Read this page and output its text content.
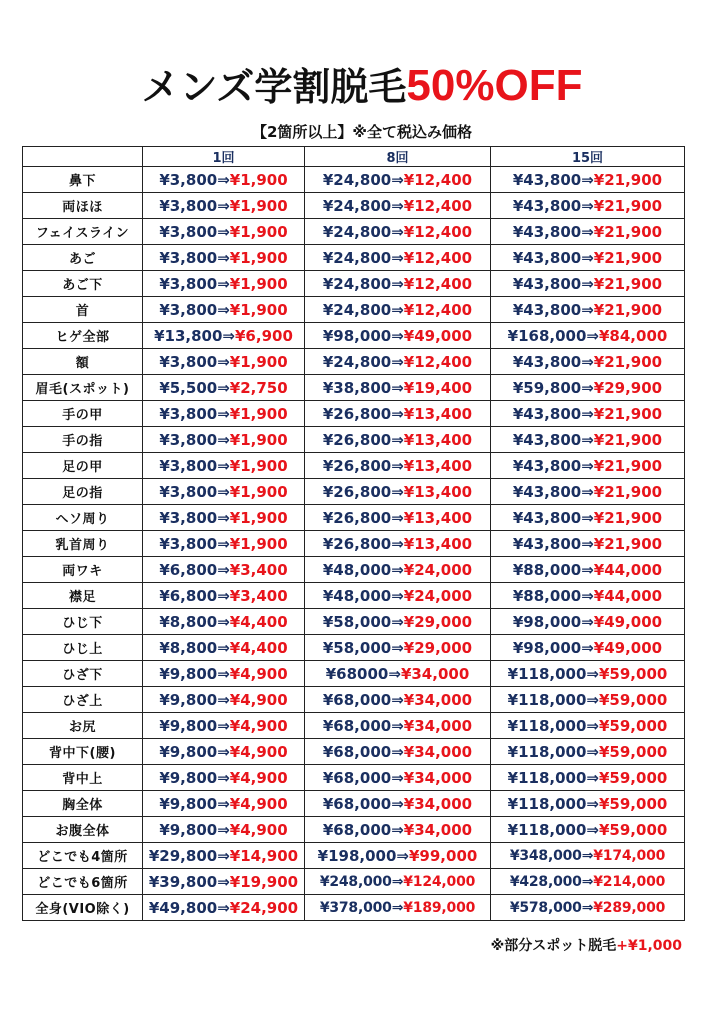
メンズ学割脱毛50%OFF
【2箇所以上】※全て税込み価格
	1回	8回	15回
鼻下	¥3,800⇒¥1,900	¥24,800⇒¥12,400	¥43,800⇒¥21,900
両ほほ	¥3,800⇒¥1,900	¥24,800⇒¥12,400	¥43,800⇒¥21,900
フェイスライン	¥3,800⇒¥1,900	¥24,800⇒¥12,400	¥43,800⇒¥21,900
あご	¥3,800⇒¥1,900	¥24,800⇒¥12,400	¥43,800⇒¥21,900
あご下	¥3,800⇒¥1,900	¥24,800⇒¥12,400	¥43,800⇒¥21,900
首	¥3,800⇒¥1,900	¥24,800⇒¥12,400	¥43,800⇒¥21,900
ヒゲ全部	¥13,800⇒¥6,900	¥98,000⇒¥49,000	¥168,000⇒¥84,000
額	¥3,800⇒¥1,900	¥24,800⇒¥12,400	¥43,800⇒¥21,900
眉毛(スポット)	¥5,500⇒¥2,750	¥38,800⇒¥19,400	¥59,800⇒¥29,900
手の甲	¥3,800⇒¥1,900	¥26,800⇒¥13,400	¥43,800⇒¥21,900
手の指	¥3,800⇒¥1,900	¥26,800⇒¥13,400	¥43,800⇒¥21,900
足の甲	¥3,800⇒¥1,900	¥26,800⇒¥13,400	¥43,800⇒¥21,900
足の指	¥3,800⇒¥1,900	¥26,800⇒¥13,400	¥43,800⇒¥21,900
ヘソ周り	¥3,800⇒¥1,900	¥26,800⇒¥13,400	¥43,800⇒¥21,900
乳首周り	¥3,800⇒¥1,900	¥26,800⇒¥13,400	¥43,800⇒¥21,900
両ワキ	¥6,800⇒¥3,400	¥48,000⇒¥24,000	¥88,000⇒¥44,000
襟足	¥6,800⇒¥3,400	¥48,000⇒¥24,000	¥88,000⇒¥44,000
ひじ下	¥8,800⇒¥4,400	¥58,000⇒¥29,000	¥98,000⇒¥49,000
ひじ上	¥8,800⇒¥4,400	¥58,000⇒¥29,000	¥98,000⇒¥49,000
ひざ下	¥9,800⇒¥4,900	¥68000⇒¥34,000	¥118,000⇒¥59,000
ひざ上	¥9,800⇒¥4,900	¥68,000⇒¥34,000	¥118,000⇒¥59,000
お尻	¥9,800⇒¥4,900	¥68,000⇒¥34,000	¥118,000⇒¥59,000
背中下(腰)	¥9,800⇒¥4,900	¥68,000⇒¥34,000	¥118,000⇒¥59,000
背中上	¥9,800⇒¥4,900	¥68,000⇒¥34,000	¥118,000⇒¥59,000
胸全体	¥9,800⇒¥4,900	¥68,000⇒¥34,000	¥118,000⇒¥59,000
お腹全体	¥9,800⇒¥4,900	¥68,000⇒¥34,000	¥118,000⇒¥59,000
どこでも4箇所	¥29,800⇒¥14,900	¥198,000⇒¥99,000	¥348,000⇒¥174,000
どこでも6箇所	¥39,800⇒¥19,900	¥248,000⇒¥124,000	¥428,000⇒¥214,000
全身(VIO除く)	¥49,800⇒¥24,900	¥378,000⇒¥189,000	¥578,000⇒¥289,000
※部分スポット脱毛+¥1,000
